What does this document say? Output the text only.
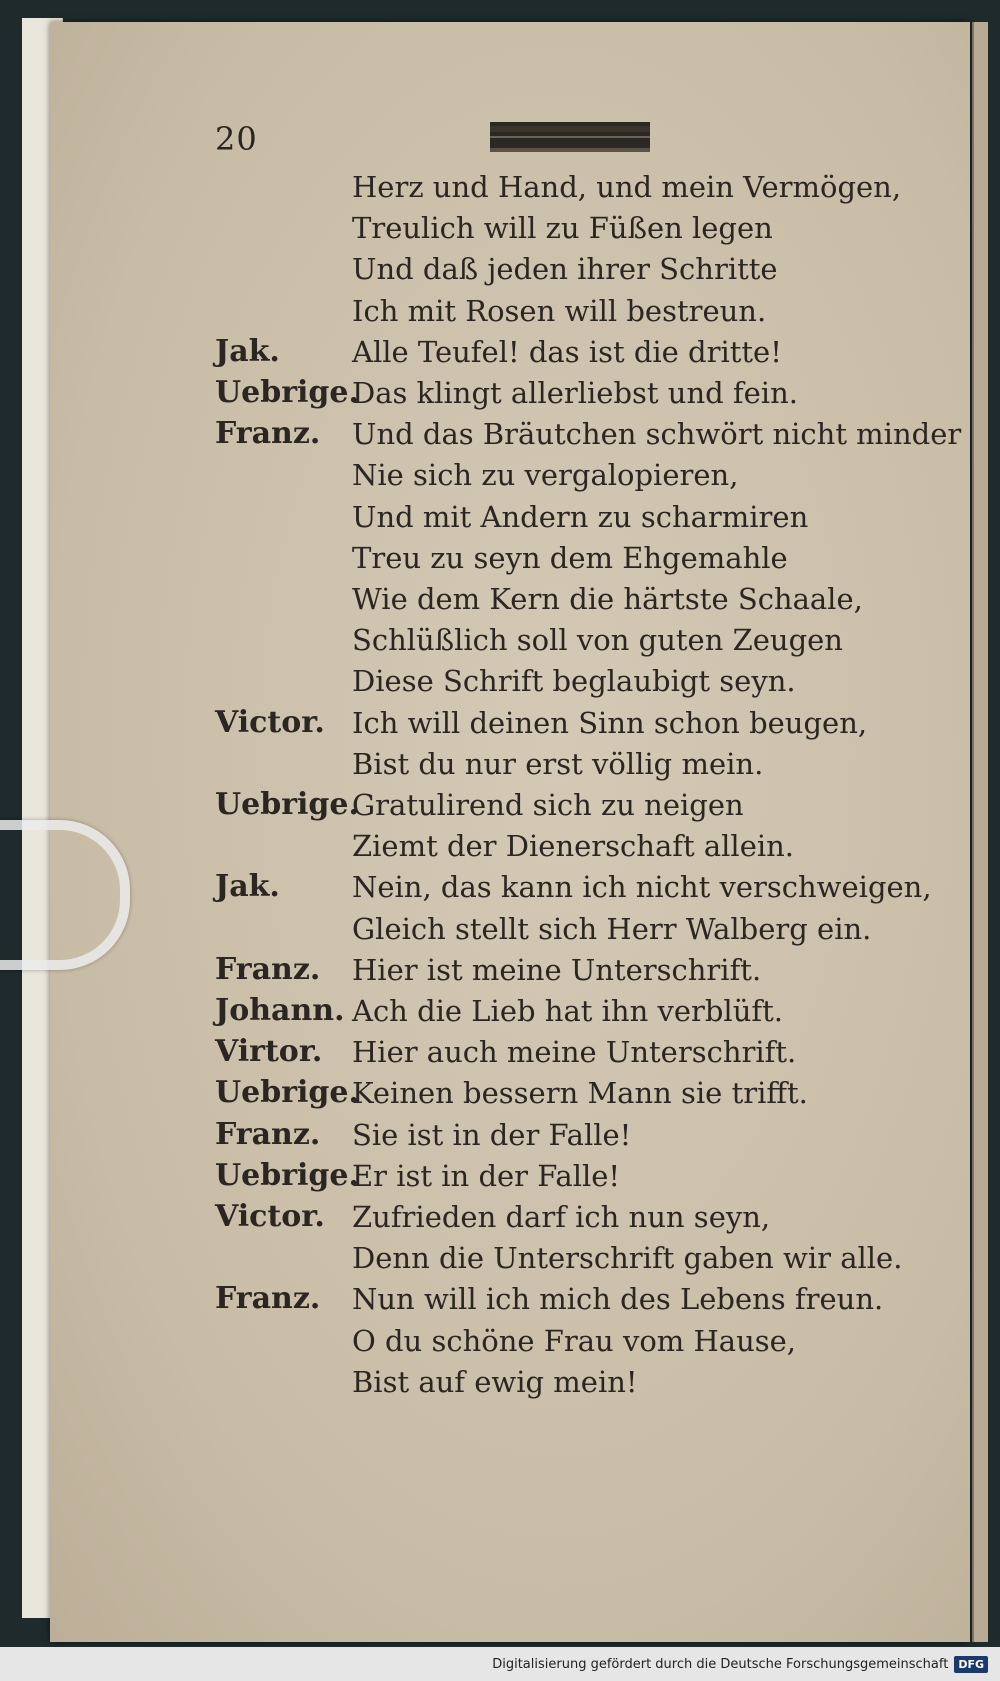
20
Herz und Hand, und mein Vermögen,
Treulich will zu Füßen legen
Und daß jeden ihrer Schritte
Ich mit Rosen will bestreun.
Jak. Alle Teufel! das ist die dritte!
Uebrige.
Das klingt allerliebst und fein.
Franz. Und das Bräutchen schwört nicht minder
Nie sich zu vergalopieren,
Und mit Andern zu scharmiren
Treu zu seyn dem Ehgemahle
Wie dem Kern die härtste Schaale,
Schlüßlich soll von guten Zeugen
Diese Schrift beglaubigt seyn.
Victor. Ich will deinen Sinn schon beugen,
Bist du nur erst völlig mein.
Uebrige.
Gratulirend sich zu neigen
Ziemt der Dienerschaft allein.
Jak. Nein, das kann ich nicht verschweigen,
Gleich stellt sich Herr Walberg ein.
Franz. Hier ist meine Unterschrift.
Johann. Ach die Lieb hat ihn verblüft.
Virtor. Hier auch meine Unterschrift.
Uebrige.
Keinen bessern Mann sie trifft.
Franz. Sie ist in der Falle!
Uebrige.
Er ist in der Falle!
Victor. Zufrieden darf ich nun seyn,
Denn die Unterschrift gaben wir alle.
Franz. Nun will ich mich des Lebens freun.
O du schöne Frau vom Hause,
Bist auf ewig mein!
Digitalisierung gefördert durch die Deutsche Forschungsgemeinschaft DFG
